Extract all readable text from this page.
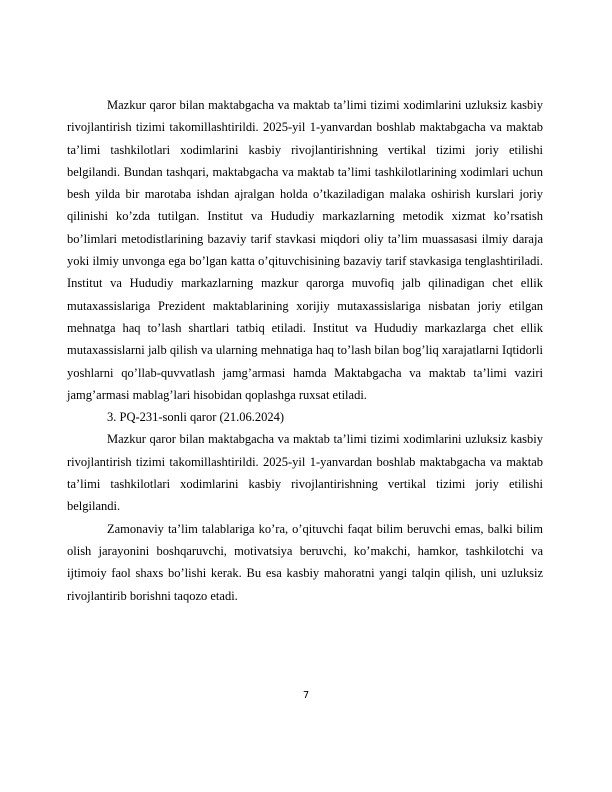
Mazkur qaror bilan maktabgacha va maktab ta’limi tizimi xodimlarini uzluksiz kasbiy rivojlantirish tizimi takomillashtirildi. 2025-yil 1-yanvardan boshlab maktabgacha va maktab ta’limi tashkilotlari xodimlarini kasbiy rivojlantirishning vertikal tizimi joriy etilishi belgilandi. Bundan tashqari, maktabgacha va maktab ta’limi tashkilotlarining xodimlari uchun besh yilda bir marotaba ishdan ajralgan holda o’tkaziladigan malaka oshirish kurslari joriy qilinishi ko’zda tutilgan. Institut va Hududiy markazlarning metodik xizmat ko’rsatish bo’limlari metodistlarining bazaviy tarif stavkasi miqdori oliy ta’lim muassasasi ilmiy daraja yoki ilmiy unvonga ega bo’lgan katta o’qituvchisining bazaviy tarif stavkasiga tenglashtiriladi. Institut va Hududiy markazlarning mazkur qarorga muvofiq jalb qilinadigan chet ellik mutaxassislariga Prezident maktablarining xorijiy mutaxassislariga nisbatan joriy etilgan mehnatga haq to’lash shartlari tatbiq etiladi. Institut va Hududiy markazlarga chet ellik mutaxassislarni jalb qilish va ularning mehnatiga haq to’lash bilan bog’liq xarajatlarni Iqtidorli yoshlarni qo’llab-quvvatlash jamg’armasi hamda Maktabgacha va maktab ta’limi vaziri jamg’armasi mablag’lari hisobidan qoplashga ruxsat etiladi.

3. PQ-231-sonli qaror (21.06.2024)

Mazkur qaror bilan maktabgacha va maktab ta’limi tizimi xodimlarini uzluksiz kasbiy rivojlantirish tizimi takomillashtirildi. 2025-yil 1-yanvardan boshlab maktabgacha va maktab ta’limi tashkilotlari xodimlarini kasbiy rivojlantirishning vertikal tizimi joriy etilishi belgilandi.

Zamonaviy ta’lim talablariga ko’ra, o’qituvchi faqat bilim beruvchi emas, balki bilim olish jarayonini boshqaruvchi, motivatsiya beruvchi, ko’makchi, hamkor, tashkilotchi va ijtimoiy faol shaxs bo’lishi kerak. Bu esa kasbiy mahoratni yangi talqin qilish, uni uzluksiz rivojlantirib borishni taqozo etadi.

7
